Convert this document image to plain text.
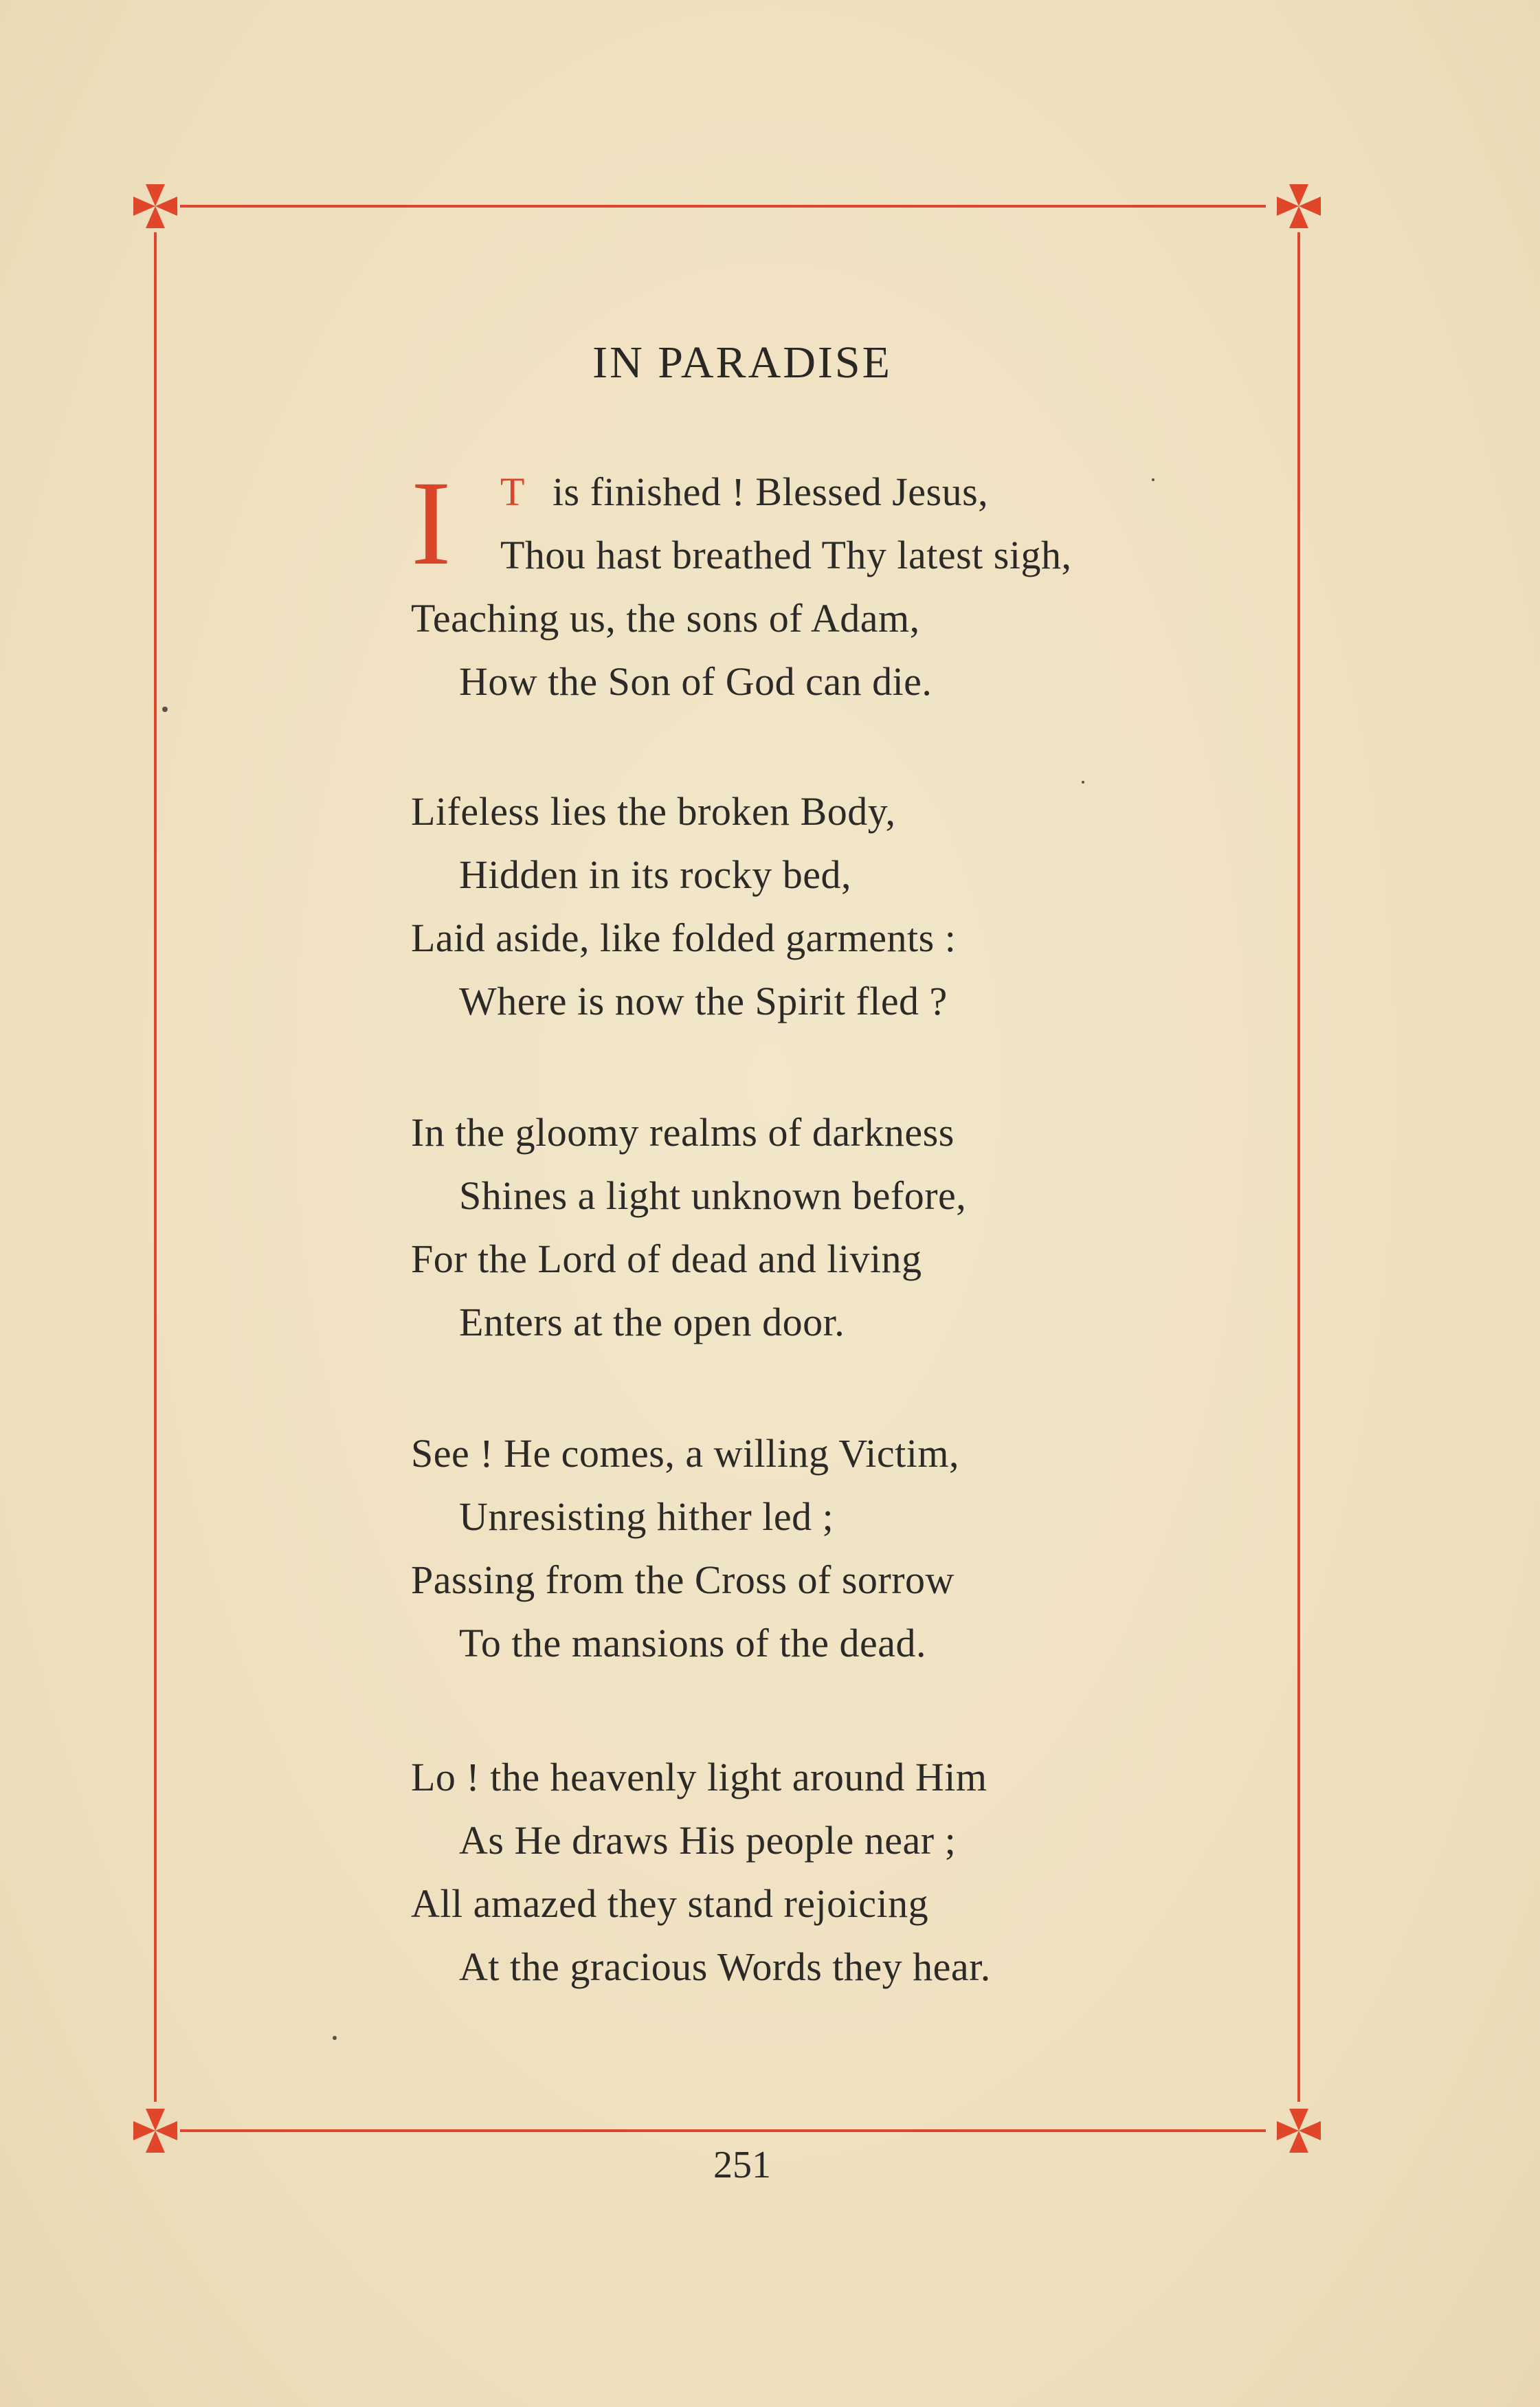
IN PARADISE
I	T is finished ! Blessed Jesus,
Thou hast breathed Thy latest sigh,
Teaching us, the sons of Adam,
How the Son of God can die.
Lifeless lies the broken Body,
Hidden in its rocky bed,
Laid aside, like folded garments :
Where is now the Spirit fled ?
In the gloomy realms of darkness
Shines a light unknown before,
For the Lord of dead and living
Enters at the open door.
See ! He comes, a willing Victim,
Unresisting hither led ;
Passing from the Cross of sorrow
To the mansions of the dead.
Lo ! the heavenly light around Him
As He draws His people near ;
All amazed they stand rejoicing
At the gracious Words they hear.
251
